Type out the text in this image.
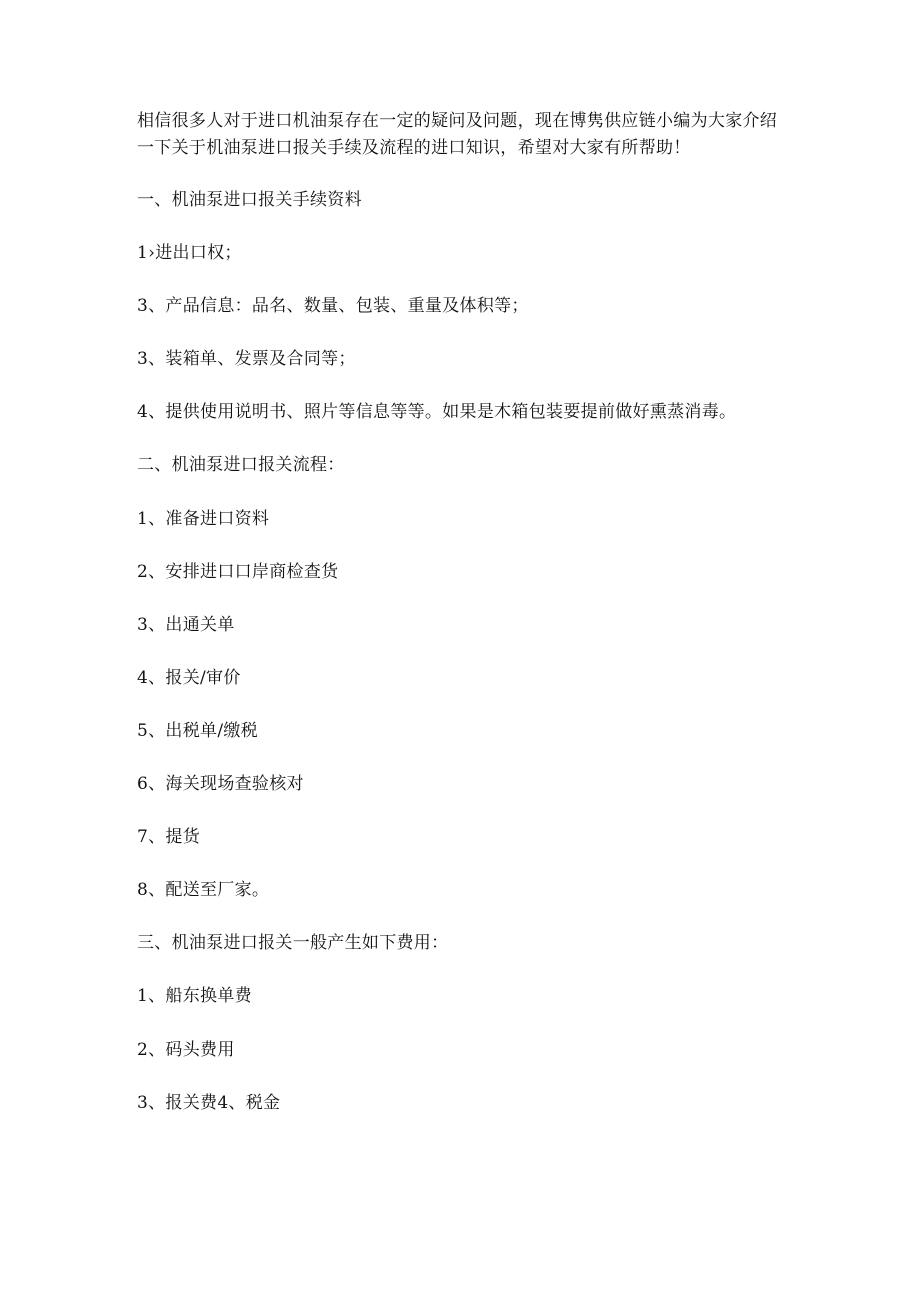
相信很多人对于进口机油泵存在一定的疑问及问题，现在博隽供应链小编为大家介绍一下关于机油泵进口报关手续及流程的进口知识，希望对大家有所帮助！

一、机油泵进口报关手续资料
1›进出口权；
3、产品信息：品名、数量、包装、重量及体积等；
3、装箱单、发票及合同等；
4、提供使用说明书、照片等信息等等。如果是木箱包装要提前做好熏蒸消毒。
二、机油泵进口报关流程：
1、准备进口资料
2、安排进口口岸商检查货
3、出通关单
4、报关/审价
5、出税单/缴税
6、海关现场查验核对
7、提货
8、配送至厂家。
三、机油泵进口报关一般产生如下费用：
1、船东换单费
2、码头费用
3、报关费4、税金
